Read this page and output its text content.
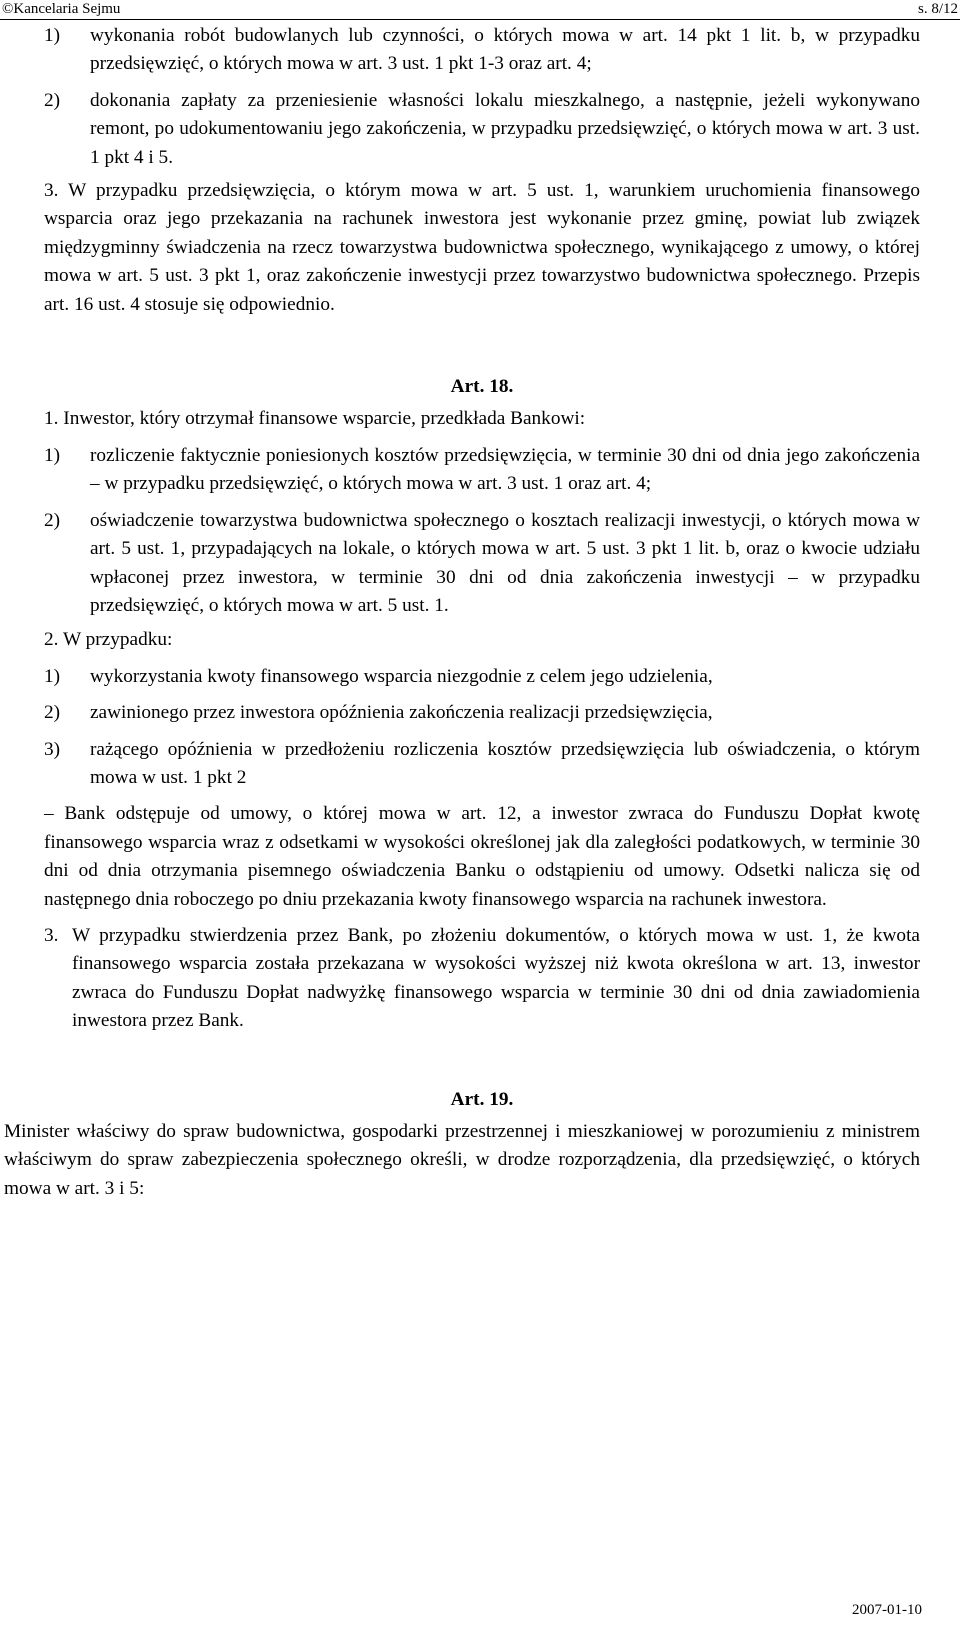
©Kancelaria Sejmu	s. 8/12
1) wykonania robót budowlanych lub czynności, o których mowa w art. 14 pkt 1 lit. b, w przypadku przedsięwzięć, o których mowa w art. 3 ust. 1 pkt 1-3 oraz art. 4;
2) dokonania zapłaty za przeniesienie własności lokalu mieszkalnego, a następnie, jeżeli wykonywano remont, po udokumentowaniu jego zakończenia, w przypadku przedsięwzięć, o których mowa w art. 3 ust. 1 pkt 4 i 5.

3. W przypadku przedsięwzięcia, o którym mowa w art. 5 ust. 1, warunkiem uruchomienia finansowego wsparcia oraz jego przekazania na rachunek inwestora jest wykonanie przez gminę, powiat lub związek międzygminny świadczenia na rzecz towarzystwa budownictwa społecznego, wynikającego z umowy, o której mowa w art. 5 ust. 3 pkt 1, oraz zakończenie inwestycji przez towarzystwo budownictwa społecznego. Przepis art. 16 ust. 4 stosuje się odpowiednio.

Art. 18.

1. Inwestor, który otrzymał finansowe wsparcie, przedkłada Bankowi:

1) rozliczenie faktycznie poniesionych kosztów przedsięwzięcia, w terminie 30 dni od dnia jego zakończenia – w przypadku przedsięwzięć, o których mowa w art. 3 ust. 1 oraz art. 4;
2) oświadczenie towarzystwa budownictwa społecznego o kosztach realizacji inwestycji, o których mowa w art. 5 ust. 1, przypadających na lokale, o których mowa w art. 5 ust. 3 pkt 1 lit. b, oraz o kwocie udziału wpłaconej przez inwestora, w terminie 30 dni od dnia zakończenia inwestycji – w przypadku przedsięwzięć, o których mowa w art. 5 ust. 1.

2. W przypadku:

1) wykorzystania kwoty finansowego wsparcia niezgodnie z celem jego udzielenia,
2) zawinionego przez inwestora opóźnienia zakończenia realizacji przedsięwzięcia,
3) rażącego opóźnienia w przedłożeniu rozliczenia kosztów przedsięwzięcia lub oświadczenia, o którym mowa w ust. 1 pkt 2

– Bank odstępuje od umowy, o której mowa w art. 12, a inwestor zwraca do Funduszu Dopłat kwotę finansowego wsparcia wraz z odsetkami w wysokości określonej jak dla zaległości podatkowych, w terminie 30 dni od dnia otrzymania pisemnego oświadczenia Banku o odstąpieniu od umowy. Odsetki nalicza się od następnego dnia roboczego po dniu przekazania kwoty finansowego wsparcia na rachunek inwestora.

3. W przypadku stwierdzenia przez Bank, po złożeniu dokumentów, o których mowa w ust. 1, że kwota finansowego wsparcia została przekazana w wysokości wyższej niż kwota określona w art. 13, inwestor zwraca do Funduszu Dopłat nadwyżkę finansowego wsparcia w terminie 30 dni od dnia zawiadomienia inwestora przez Bank.

Art. 19.

Minister właściwy do spraw budownictwa, gospodarki przestrzennej i mieszkaniowej w porozumieniu z ministrem właściwym do spraw zabezpieczenia społecznego określi, w drodze rozporządzenia, dla przedsięwzięć, o których mowa w art. 3 i 5:

2007-01-10
